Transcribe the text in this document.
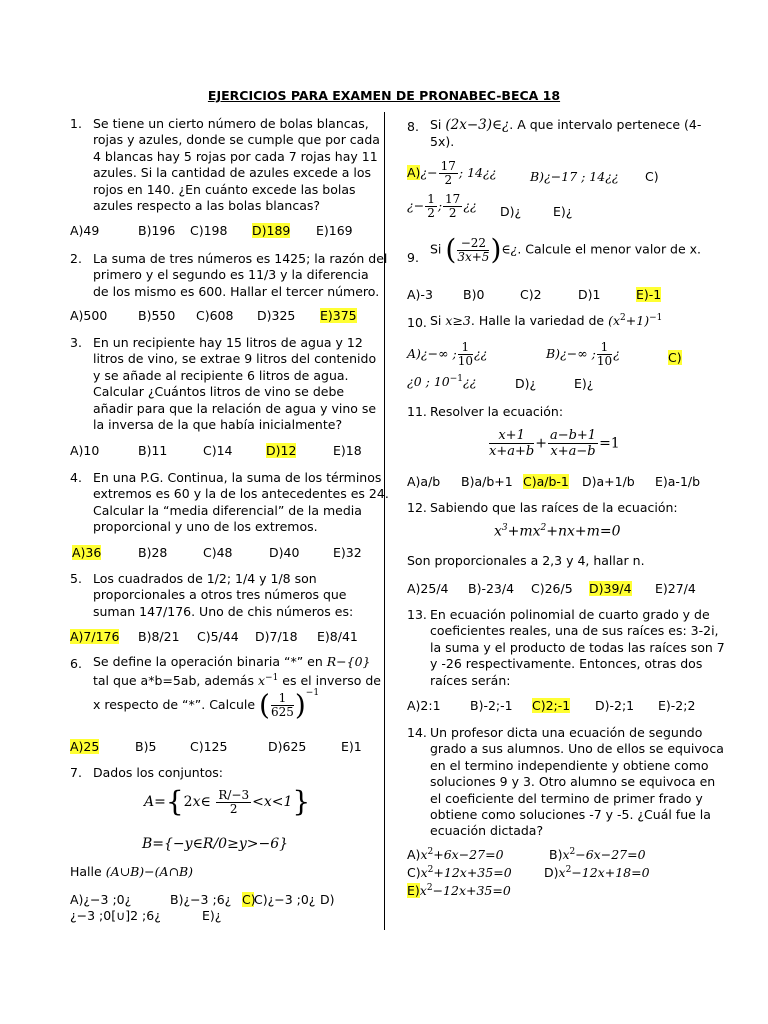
EJERCICIOS PARA EXAMEN DE PRONABEC-BECA 18
1. Se tiene un cierto número de bolas blancas,
rojas y azules, donde se cumple que por cada
4 blancas hay 5 rojas por cada 7 rojas hay 11
azules. Si la cantidad de azules excede a los
rojos en 140. ¿En cuánto excede las bolas
azules respecto a las bolas blancas?
A)49	B)196 C)198 D)189 E)169
2. La suma de tres números es 1425; la razón del
primero y el segundo es 11/3 y la diferencia
de los mismo es 600. Hallar el tercer número.
A)500 B)550 C)608 D)325 E)375
3. En un recipiente hay 15 litros de agua y 12
litros de vino, se extrae 9 litros del contenido
y se añade al recipiente 6 litros de agua.
Calcular ¿Cuántos litros de vino se debe
añadir para que la relación de agua y vino se
la inversa de la que había inicialmente?
A)10	B)11	C)14	D)12	E)18
4. En una P.G. Continua, la suma de los términos
extremos es 60 y la de los antecedentes es 24.
Calcular la “media diferencial” de la media
proporcional y uno de los extremos.
A)36	B)28	C)48	D)40	E)32
5. Los cuadrados de 1/2; 1/4 y 1/8 son
proporcionales a otros tres números que
suman 147/176. Uno de chis números es:
A)7/176 B)8/21 C)5/44 D)7/18 E)8/41
6. Se define la operación binaria “*” en R−{0}
tal que a*b=5ab, además $x^{-1}$ es el inverso de
x respecto de “*”. Calcule ( $\frac{1}{625} )^{-1}$
A)25	B)5	C)125	D)625	E)1
7. Dados los conjuntos:
A={2x∈ $\frac{R/-3}{2} <x<1$}
B={−y∈R/0≥y>−6}
Halle (A∪B)−(A∩B)
A)¿−3 ;0¿	B)¿−3 ;6¿ C)C)¿−3 ;0¿ D)
¿−3 ;0[∪]2 ;6¿	E)¿
8. Si (2x−3)∈¿. A que intervalo pertenece (4-
5x).
A)¿− $\frac{17}{2}$ ; 14¿¿	B)¿−17 ; 14¿¿ C)
¿− $\frac{1}{2}$ ; $\frac{17}{2}$ ¿¿ D)¿	E)¿
9.
Si ( $\frac{-22}{3x+5}$ )∈¿. Calcule el menor valor de x.
A)-3 B)0	C)2	D)1	E)-1
10. Si x≥3. Halle la variedad de $(x^2+1)^{-1}$
A)¿−∞ ; $\frac{1}{10}$ ¿¿	B)¿−∞ ; $\frac{1}{10}$ ¿	C)
¿0 ; $10^{-1}¿¿$	D)¿	E)¿
11. Resolver la ecuación:
$\frac{x+1}{x+a+b} + \frac{a-b+1}{x+a-b} =1$
A)a/b B)a/b+1 C)a/b-1 D)a+1/b E)a-1/b
12. Sabiendo que las raíces de la ecuación:
$x^3+mx^2+nx+m=0$
Son proporcionales a 2,3 y 4, hallar n.
A)25/4 B)-23/4 C)26/5 D)39/4 E)27/4
13. En ecuación polinomial de cuarto grado y de
coeficientes reales, una de sus raíces es: 3-2i,
la suma y el producto de todas las raíces son 7
y -26 respectivamente. Entonces, otras dos
raíces serán:
A)2:1 B)-2;-1 C)2;-1 D)-2;1 E)-2;2
14. Un profesor dicta una ecuación de segundo
grado a sus alumnos. Uno de ellos se equivoca
en el termino independiente y obtiene como
soluciones 9 y 3. Otro alumno se equivoca en
el coeficiente del termino de primer frado y
obtiene como soluciones -7 y -5. ¿Cuál fue la
ecuación dictada?
$A)x^2+6x-27=0$	$B)x^2-6x-27=0$
$C)x^2+12x+35=0$	$D)x^2-12x+18=0$
$E)x^2-12x+35=0$
